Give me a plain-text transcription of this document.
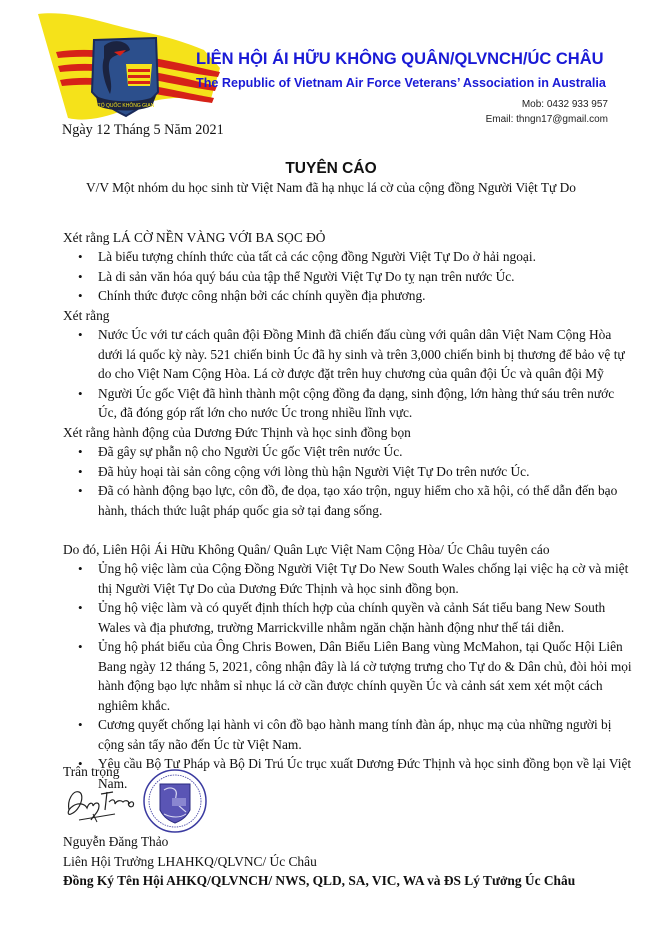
TỔ QUỐC KHÔNG GIAN
LIÊN HỘI ÁI HỮU KHÔNG QUÂN/QLVNCH/ÚC CHÂU
The Republic of Vietnam Air Force Veterans’ Association in Australia
Mob: 0432 933 957
Email: thngn17@gmail.com
Ngày 12 Tháng 5 Năm 2021
TUYÊN CÁO
V/V Một nhóm du học sinh từ Việt Nam đã hạ nhục lá cờ của cộng đồng Người Việt Tự Do

Xét rằng LÁ CỜ NỀN VÀNG VỚI BA SỌC ĐỎ

• Là biểu tượng chính thức của tất cả các cộng đồng Người Việt Tự Do ở hải ngoại.
• Là di sản văn hóa quý báu của tập thể Người Việt Tự Do tỵ nạn trên nước Úc.
• Chính thức được công nhận bởi các chính quyền địa phương.

Xét rằng

• Nước Úc với tư cách quân đội Đồng Minh đã chiến đấu cùng với quân dân Việt Nam Cộng Hòa dưới lá quốc kỳ này. 521 chiến binh Úc đã hy sinh và trên 3,000 chiến binh bị thương để bảo vệ tự do cho Việt Nam Cộng Hòa. Lá cờ được đặt trên huy chương của quân đội Úc và quân đội Mỹ
• Người Úc gốc Việt đã hình thành một cộng đồng đa dạng, sinh động, lớn hàng thứ sáu trên nước Úc, đã đóng góp rất lớn cho nước Úc trong nhiều lĩnh vực.

Xét rằng hành động của Dương Đức Thịnh và học sinh đồng bọn

• Đã gây sự phẫn nộ cho Người Úc gốc Việt trên nước Úc.
• Đã hủy hoại tài sản công cộng với lòng thù hận Người Việt Tự Do trên nước Úc.
• Đã có hành động bạo lực, côn đồ, đe dọa, tạo xáo trộn, nguy hiểm cho xã hội, có thể dẫn đến bạo hành, thách thức luật pháp quốc gia sở tại đang sống.

Do đó, Liên Hội Ái Hữu Không Quân/ Quân Lực Việt Nam Cộng Hòa/ Úc Châu tuyên cáo

• Ủng hộ việc làm của Cộng Đồng Người Việt Tự Do New South Wales chống lại việc hạ cờ và miệt thị Người Việt Tự Do của Dương Đức Thịnh và học sinh đồng bọn.
• Ủng hộ việc làm và có quyết định thích hợp của chính quyền và cảnh Sát tiểu bang New South Wales và địa phương, trường Marrickville nhằm ngăn chặn hành động như thế tái diễn.
• Ủng hộ phát biểu của Ông Chris Bowen, Dân Biểu Liên Bang vùng McMahon, tại Quốc Hội Liên Bang ngày 12 tháng 5, 2021, công nhận đây là lá cờ tượng trưng cho Tự do & Dân chủ, đòi hỏi mọi hành động bạo lực nhằm sỉ nhục lá cờ cần được chính quyền Úc và cảnh sát xem xét một cách nghiêm khắc.
• Cương quyết chống lại hành vi côn đồ bạo hành mang tính đàn áp, nhục mạ của những người bị cộng sản tẩy não đến Úc từ Việt Nam.
• Yêu cầu Bộ Tư Pháp và Bộ Di Trú Úc trục xuất Dương Đức Thịnh và học sinh đồng bọn về lại Việt Nam.

Trân trọng

Nguyễn Đăng Thảo
Liên Hội Trưởng LHAHKQ/QLVNC/ Úc Châu
Đồng Ký Tên Hội AHKQ/QLVNCH/ NWS, QLD, SA, VIC, WA và ĐS Lý Tưởng Úc Châu
